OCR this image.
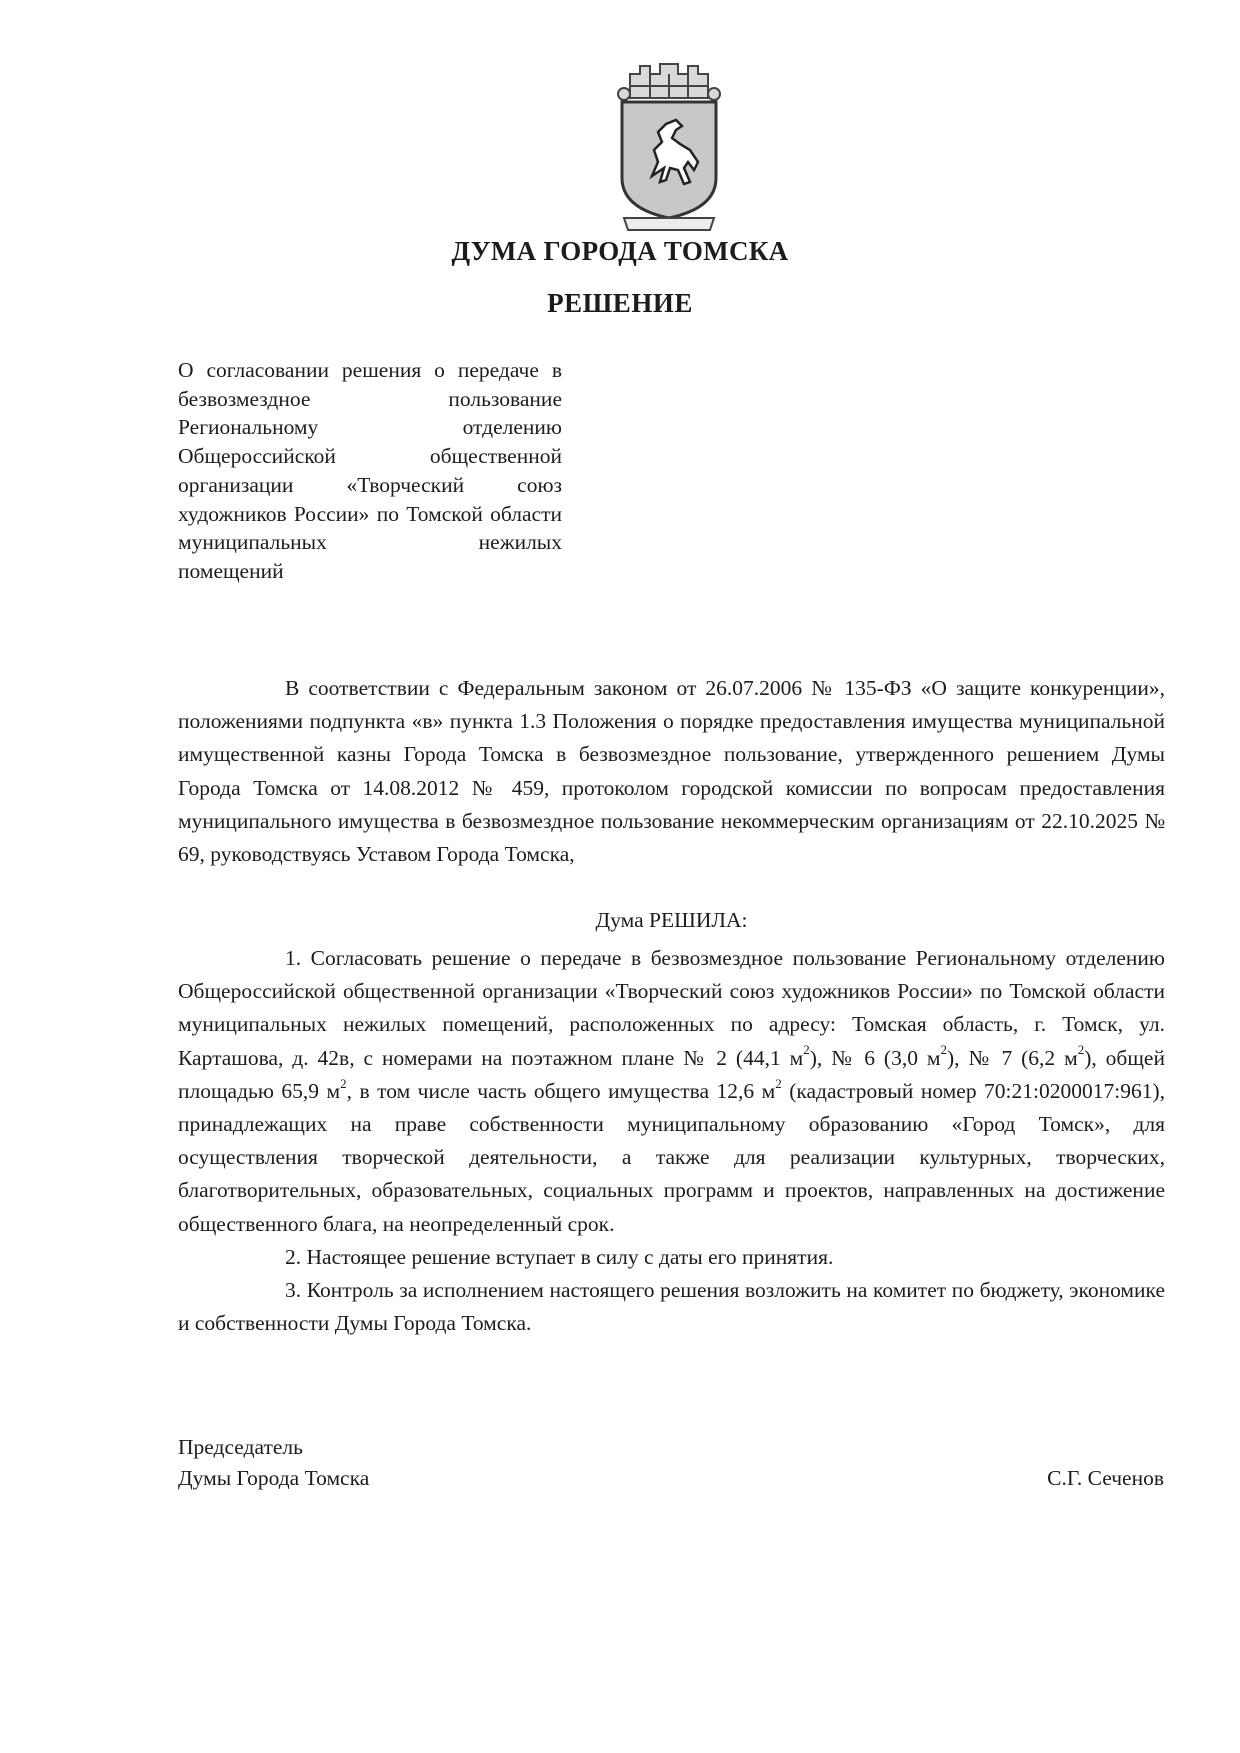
ДУМА ГОРОДА ТОМСКА
РЕШЕНИЕ
О согласовании решения о передаче в безвозмездное пользование Региональному отделению Общероссийской общественной организации «Творческий союз художников России» по Томской области муниципальных нежилых
помещений
В соответствии с Федеральным законом от 26.07.2006 № 135-ФЗ «О защите конкуренции», положениями подпункта «в» пункта 1.3 Положения о порядке предоставления имущества муниципальной имущественной казны Города Томска в безвозмездное пользование, утвержденного решением Думы Города Томска от 14.08.2012 № 459, протоколом городской комиссии по вопросам предоставления муниципального имущества в безвозмездное пользование некоммерческим организациям от 22.10.2025 № 69, руководствуясь Уставом Города Томска,

Дума РЕШИЛА:

1. Согласовать решение о передаче в безвозмездное пользование Региональному отделению Общероссийской общественной организации «Творческий союз художников России» по Томской области муниципальных нежилых помещений, расположенных по адресу: Томская область, г. Томск, ул. Карташова, д. 42в, с номерами на поэтажном плане № 2 (44,1 $м^2$), № 6 (3,0 $м^2$), № 7 (6,2 $м^2$), общей площадью 65,9 $м^2$, в том числе часть общего имущества 12,6 $м^2$ (кадастровый номер 70:21:0200017:961), принадлежащих на праве собственности муниципальному образованию «Город Томск», для осуществления творческой деятельности, а также для реализации культурных, творческих, благотворительных, образовательных, социальных программ и проектов, направленных на достижение общественного блага, на неопределенный срок.

2. Настоящее решение вступает в силу с даты его принятия.

3. Контроль за исполнением настоящего решения возложить на комитет по бюджету, экономике и собственности Думы Города Томска.

Председатель
Думы Города Томска	С.Г. Сеченов
